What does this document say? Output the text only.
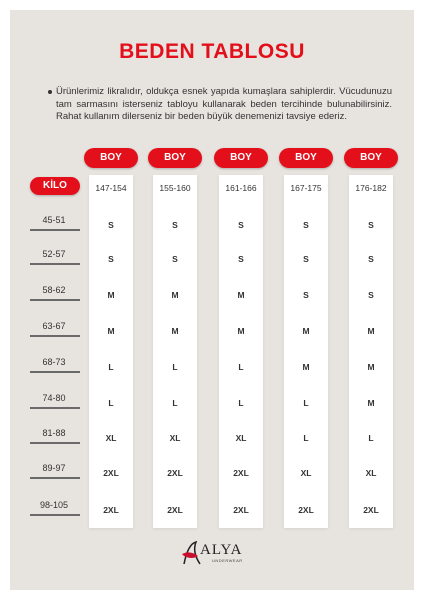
BEDEN TABLOSU
Ürünlerimiz likralıdır, oldukça esnek yapıda kumaşlara sahiplerdir. Vücudunuzu tam sarmasını isterseniz tabloyu kullanarak beden tercihinde bulunabilirsiniz. Rahat kullanım dilerseniz bir beden büyük denemenizi tavsiye ederiz.
KİLO
BOY
147-154
S
S
M
M
L
L
XL
2XL
2XL
BOY
155-160
S
S
M
M
L
L
XL
2XL
2XL
BOY
161-166
S
S
M
M
L
L
XL
2XL
2XL
BOY
167-175
S
S
S
M
M
L
L
XL
2XL
BOY
176-182
S
S
S
M
M
M
L
XL
2XL
45-51
52-57
58-62
63-67
68-73
74-80
81-88
89-97
98-105
ALYA
UNDERWEAR
